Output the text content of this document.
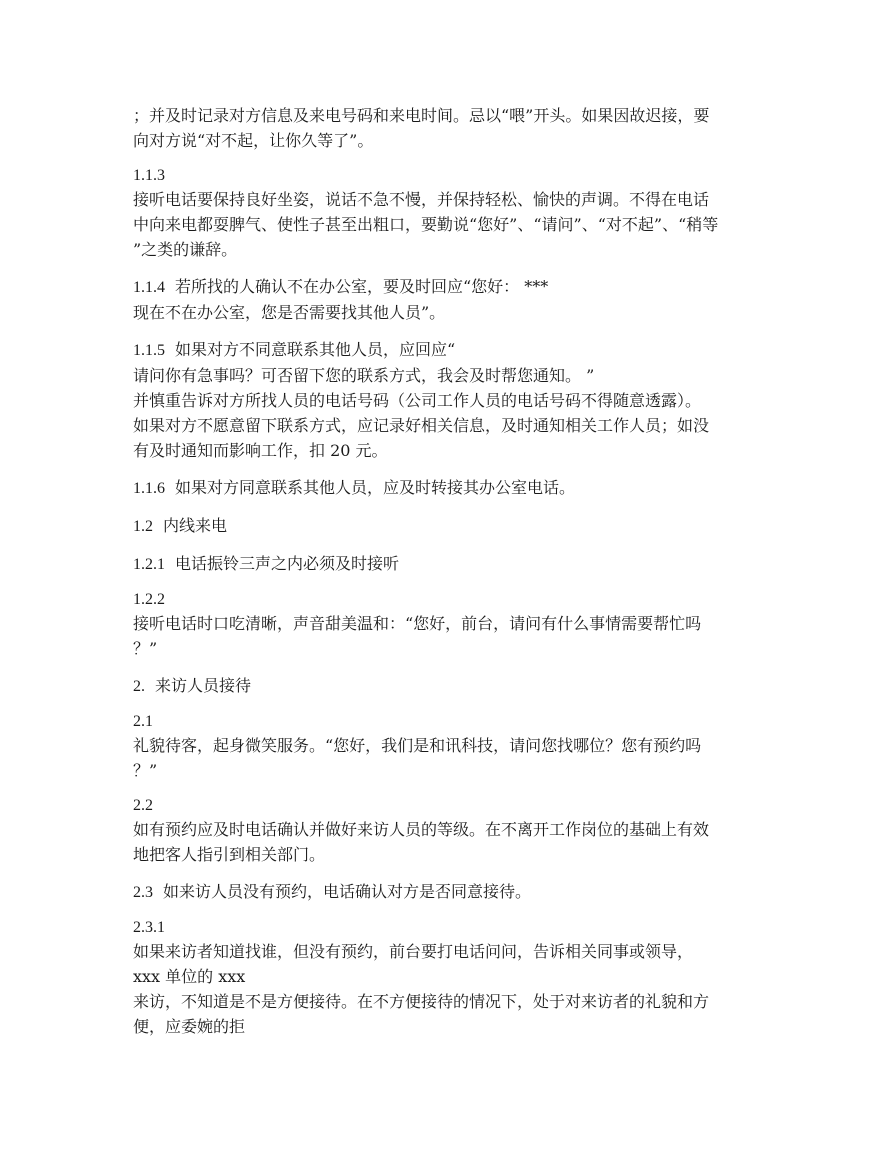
；并及时记录对方信息及来电号码和来电时间。忌以“喂”开头。如果因故迟接，要
向对方说“对不起，让你久等了”。
1.1.3
接听电话要保持良好坐姿，说话不急不慢，并保持轻松、愉快的声调。不得在电话
中向来电都耍脾气、使性子甚至出粗口，要勤说“您好”、“请问”、“对不起”、“稍等
”之类的谦辞。
1.1.4 若所找的人确认不在办公室，要及时回应“您好： ***
现在不在办公室，您是否需要找其他人员”。
1.1.5 如果对方不同意联系其他人员，应回应“
请问你有急事吗？可否留下您的联系方式，我会及时帮您通知。 ”
并慎重告诉对方所找人员的电话号码（公司工作人员的电话号码不得随意透露）。
如果对方不愿意留下联系方式，应记录好相关信息，及时通知相关工作人员；如没
有及时通知而影响工作，扣 20 元。
1.1.6 如果对方同意联系其他人员，应及时转接其办公室电话。
1.2 内线来电
1.2.1 电话振铃三声之内必须及时接听
1.2.2
接听电话时口吃清晰，声音甜美温和：“您好，前台，请问有什么事情需要帮忙吗
？”
2. 来访人员接待
2.1
礼貌待客，起身微笑服务。“您好，我们是和讯科技，请问您找哪位？您有预约吗
？”
2.2
如有预约应及时电话确认并做好来访人员的等级。在不离开工作岗位的基础上有效
地把客人指引到相关部门。
2.3 如来访人员没有预约，电话确认对方是否同意接待。
2.3.1
如果来访者知道找谁，但没有预约，前台要打电话问问，告诉相关同事或领导，
xxx 单位的 xxx
来访，不知道是不是方便接待。在不方便接待的情况下，处于对来访者的礼貌和方
便，应委婉的拒
